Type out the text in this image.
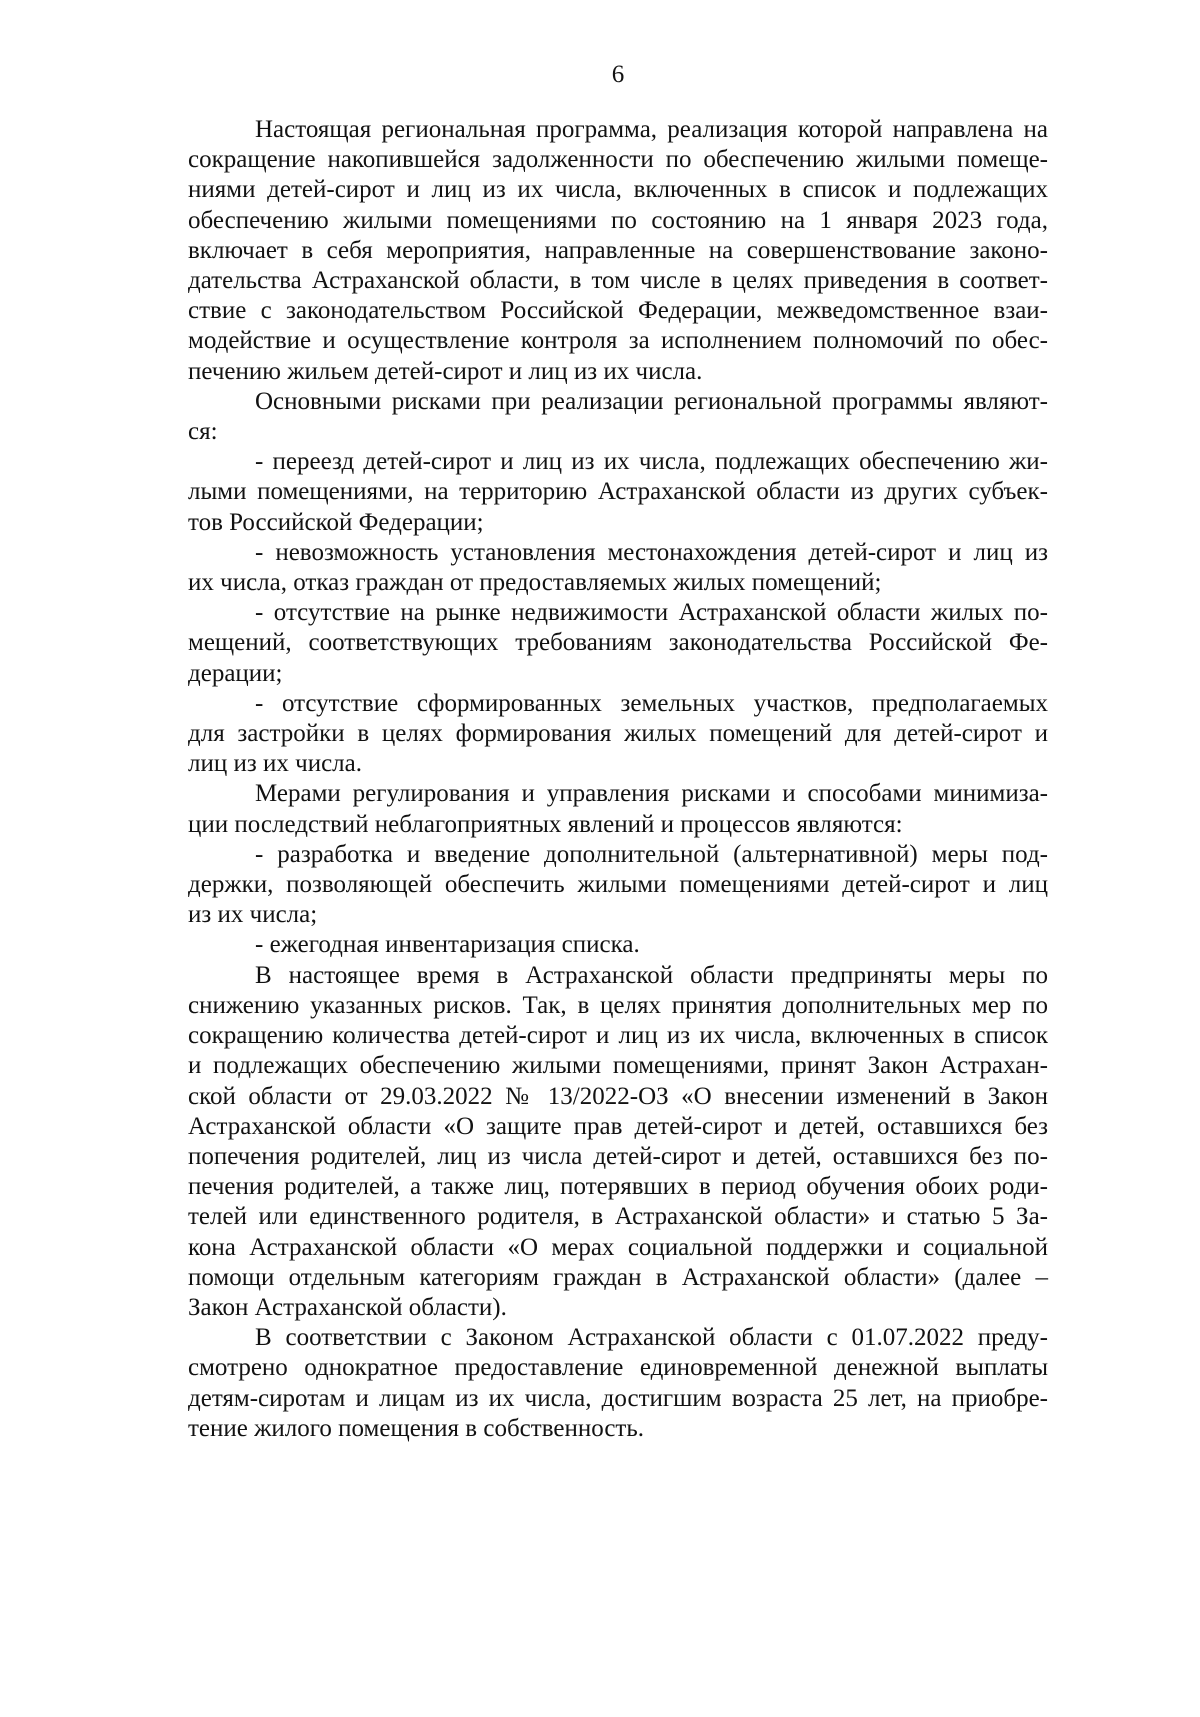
6
Настоящая региональная программа, реализация которой направлена на
сокращение накопившейся задолженности по обеспечению жилыми помеще-
ниями детей-сирот и лиц из их числа, включенных в список и подлежащих
обеспечению жилыми помещениями по состоянию на 1 января 2023 года,
включает в себя мероприятия, направленные на совершенствование законо-
дательства Астраханской области, в том числе в целях приведения в соответ-
ствие с законодательством Российской Федерации, межведомственное взаи-
модействие и осуществление контроля за исполнением полномочий по обес-
печению жильем детей-сирот и лиц из их числа.
Основными рисками при реализации региональной программы являют-
ся:
- переезд детей-сирот и лиц из их числа, подлежащих обеспечению жи-
лыми помещениями, на территорию Астраханской области из других субъек-
тов Российской Федерации;
- невозможность установления местонахождения детей-сирот и лиц из
их числа, отказ граждан от предоставляемых жилых помещений;
- отсутствие на рынке недвижимости Астраханской области жилых по-
мещений, соответствующих требованиям законодательства Российской Фе-
дерации;
- отсутствие сформированных земельных участков, предполагаемых
для застройки в целях формирования жилых помещений для детей-сирот и
лиц из их числа.
Мерами регулирования и управления рисками и способами минимиза-
ции последствий неблагоприятных явлений и процессов являются:
- разработка и введение дополнительной (альтернативной) меры под-
держки, позволяющей обеспечить жилыми помещениями детей-сирот и лиц
из их числа;
- ежегодная инвентаризация списка.
В настоящее время в Астраханской области предприняты меры по
снижению указанных рисков. Так, в целях принятия дополнительных мер по
сокращению количества детей-сирот и лиц из их числа, включенных в список
и подлежащих обеспечению жилыми помещениями, принят Закон Астрахан-
ской области от 29.03.2022 № 13/2022-ОЗ «О внесении изменений в Закон
Астраханской области «О защите прав детей-сирот и детей, оставшихся без
попечения родителей, лиц из числа детей-сирот и детей, оставшихся без по-
печения родителей, а также лиц, потерявших в период обучения обоих роди-
телей или единственного родителя, в Астраханской области» и статью 5 За-
кона Астраханской области «О мерах социальной поддержки и социальной
помощи отдельным категориям граждан в Астраханской области» (далее –
Закон Астраханской области).
В соответствии с Законом Астраханской области с 01.07.2022 преду-
смотрено однократное предоставление единовременной денежной выплаты
детям-сиротам и лицам из их числа, достигшим возраста 25 лет, на приобре-
тение жилого помещения в собственность.
